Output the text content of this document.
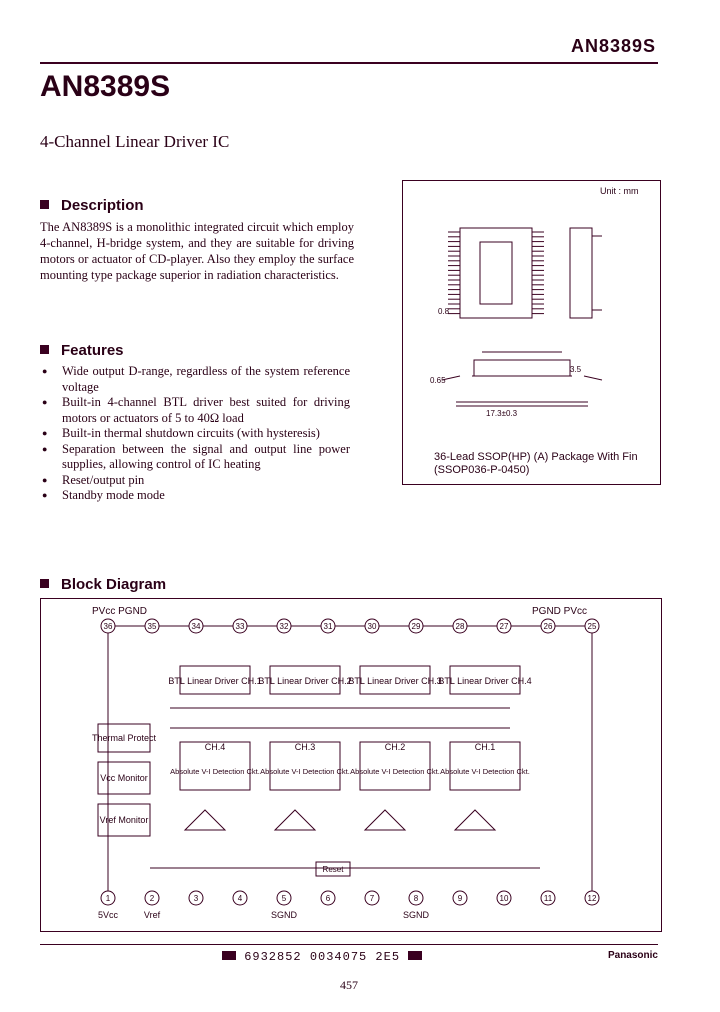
AN8389S
AN8389S
4-Channel Linear Driver IC
Description
The AN8389S is a monolithic integrated circuit which employ 4-channel, H-bridge system, and they are suitable for driving motors or actuator of CD-player. Also they employ the surface mounting type package superior in radiation characteristics.
Features
● Wide output D-range, regardless of the system reference voltage
● Built-in 4-channel BTL driver best suited for driving motors or actuators of 5 to 40Ω load
● Built-in thermal shutdown circuits (with hysteresis)
● Separation between the signal and output line power supplies, allowing control of IC heating
● Reset/output pin
● Standby mode mode
Unit : mm
3.5
0.65
17.3±0.3
0.8
36-Lead SSOP(HP) (A) Package With Fin
(SSOP036-P-0450)
Block Diagram
PVcc PGND	PGND PVcc
36	35	34	33	32	31	30	29	28	27	26	25
1	2	3	4	5	6	7	8	9	10	11	12
BTL Linear Driver CH.1
BTL Linear Driver CH.2
BTL Linear Driver CH.3
BTL Linear Driver CH.4
CH.4	CH.3	CH.2	CH.1
Absolute V-I Detection Ckt. Absolute V-I Detection Ckt. Absolute V-I Detection Ckt. Absolute V-I Detection Ckt.
Thermal Protect
Vcc Monitor
Vref Monitor
Reset
5Vcc	Vref	SGND	SGND
6932852 0034075 2E5	Panasonic
457
